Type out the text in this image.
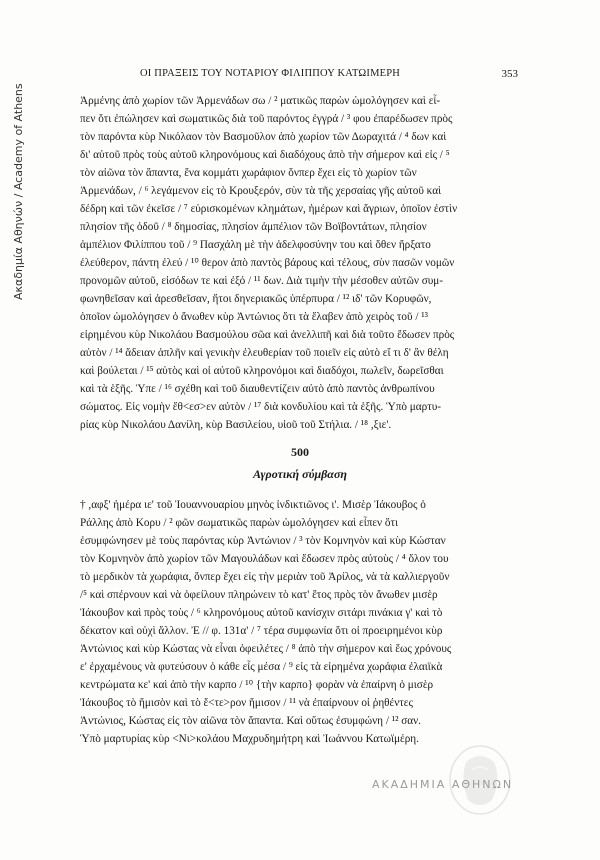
Ακαδημία Αθηνών / Academy of Athens
ΟΙ ΠΡΑΞΕΙΣ ΤΟΥ ΝΟΤΑΡΙΟΥ ΦΙΛΙΠΠΟΥ ΚΑΤΩΙΜΕΡΗ	353
Ἀρμένης ἀπὸ χωρίον τῶν Ἀρμενάδων σω / ² ματικῶς παρὼν ὡμολόγησεν καὶ εἶ-
πεν ὅτι ἐπώλησεν καὶ σωματικῶς διὰ τοῦ παρόντος ἐγγρά / ³ φου ἐπαρέδωσεν πρὸς
τὸν παρόντα κὺρ Νικόλαον τὸν Βασμοῦλον ἀπὸ χωρίον τῶν Δωραχιτά / ⁴ δων καὶ
δι' αὐτοῦ πρὸς τοὺς αὐτοῦ κληρονόμους καὶ διαδόχους ἀπὸ τὴν σήμερον καὶ εἰς / ⁵
τὸν αἰῶνα τὸν ἅπαντα, ἕνα κομμάτι χωράφιον ὅνπερ ἔχει εἰς τὸ χωρίον τῶν
Ἀρμενάδων, / ⁶ λεγάμενον εἰς τὸ Κρουξερόν, σὺν τὰ τῆς χερσαίας γῆς αὐτοῦ καὶ
δέδρη καὶ τῶν ἐκεῖσε / ⁷ εὑρισκομένων κλημάτων, ἡμέρων καὶ ἄγριων, ὁποῖον ἐστὶν
πλησίον τῆς ὁδοῦ / ⁸ δημοσίας, πλησίον ἀμπέλιον τῶν Βοϊβοντάτων, πλησίον
ἀμπέλιον Φιλίππου τοῦ / ⁹ Πασχάλη μὲ τὴν ἀδελφοσύνην του καὶ ὅθεν ἤρξατο
ἐλεύθερον, πάντη ἐλεύ / ¹⁰ θερον ἀπὸ παντὸς βάρους καὶ τέλους, σὺν πασῶν νομῶν
προνομῶν αὐτοῦ, εἰσόδων τε καὶ ἐξό / ¹¹ δων. Διὰ τιμὴν τὴν μέσοθεν αὐτῶν συμ-
φωνηθεῖσαν καὶ ἀρεσθεῖσαν, ἤτοι δηνεριακῶς ὑπέρπυρα / ¹² ιδ' τῶν Κορυφῶν,
ὁποῖον ὡμολόγησεν ὁ ἄνωθεν κὺρ Ἀντώνιος ὅτι τὰ ἔλαβεν ἀπὸ χειρὸς τοῦ / ¹³
εἰρημένου κὺρ Νικολάου Βασμούλου σῶα καὶ ἀνελλιπῆ καὶ διὰ τοῦτο ἔδωσεν πρὸς
αὐτὸν / ¹⁴ ἄδειαν ἁπλῆν καὶ γενικὴν ἐλευθερίαν τοῦ ποιεῖν εἰς αὐτὸ εἴ τι δ' ἂν θέλη
καὶ βούλεται / ¹⁵ αὐτὸς καὶ οἱ αὐτοῦ κληρονόμοι καὶ διαδόχοι, πωλεῖν, δωρεῖσθαι
καὶ τὰ ἑξῆς. Ὑπε / ¹⁶ σχέθη καὶ τοῦ διαυθεντίζειν αὐτὸ ἀπὸ παντὸς ἀνθρωπίνου
σώματος. Εἰς νομὴν ἔθ<εσ>εν αὐτὸν / ¹⁷ διὰ κονδυλίου καὶ τὰ ἑξῆς. Ὑπὸ μαρτυ-
ρίας κὺρ Νικολάου Δανίλη, κὺρ Βασιλείου, υἱοῦ τοῦ Στήλια. / ¹⁸ ,ξιε'.
500
Αγροτική σύμβαση
† ,αφξ' ἡμέρα ιε' τοῦ Ἰουαννουαρίου μηνὸς ἰνδικτιῶνος ι'. Μισὲρ Ἰάκουβος ὁ
Ράλλης ἀπὸ Κορυ / ² φῶν σωματικῶς παρὼν ὡμολόγησεν καὶ εἶπεν ὅτι
ἐσυμφώνησεν μὲ τοὺς παρόντας κὺρ Ἀντώνιον / ³ τὸν Κομνηνὸν καὶ κὺρ Κώσταν
τὸν Κομνηνὸν ἀπὸ χωρίον τῶν Μαγουλάδων καὶ ἔδωσεν πρὸς αὐτοὺς / ⁴ ὅλον του
τὸ μερδικὸν τὰ χωράφια, ὅνπερ ἔχει εἰς τὴν μεριὰν τοῦ Ἀρίλος, νὰ τὰ καλλιεργοῦν
/⁵ καὶ σπέρνουν καὶ νὰ ὀφείλουν πληρώνειν τὸ κατ' ἔτος πρὸς τὸν ἄνωθεν μισὲρ
Ἰάκουβον καὶ πρὸς τοὺς / ⁶ κληρονόμους αὐτοῦ κανίσχιν σιτάρι πινάκια γ' καὶ τὸ
δέκατον καὶ οὐχὶ ἄλλον. Ἐ // φ. 131α' / ⁷ τέρα συμφωνία ὅτι οἱ προειρημένοι κὺρ
Ἀντώνιος καὶ κὺρ Κώστας νὰ εἶναι ὀφειλέτες / ⁸ ἀπὸ τὴν σήμερον καὶ ἕως χρόνους
ε' ἐρχαμένους νὰ φυτεύσουν ὁ κάθε εἷς μέσα / ⁹ εἰς τὰ εἰρημένα χωράφια ἐλαιϊκὰ
κεντρώματα κε' καὶ ἀπὸ τὴν καρπο / ¹⁰ {τὴν καρπο} φορὰν νὰ ἐπαίρνη ὁ μισὲρ
Ἰάκουβος τὸ ἥμισὸν καὶ τὸ ἕ<τε>ρον ἥμισον / ¹¹ νὰ ἐπαίρνουν οἱ ῥηθέντες
Ἀντώνιος, Κώστας εἰς τὸν αἰῶνα τὸν ἅπαντα. Καὶ οὕτως ἐσυμφώνη / ¹² σαν.
Ὑπὸ μαρτυρίας κὺρ <Νι>κολάου Μαχρυδημήτρη καὶ Ἰωάννου Κατωϊμέρη.
ΑΚΑΔΗΜΙΑ ΑΘΗΝΩΝ
